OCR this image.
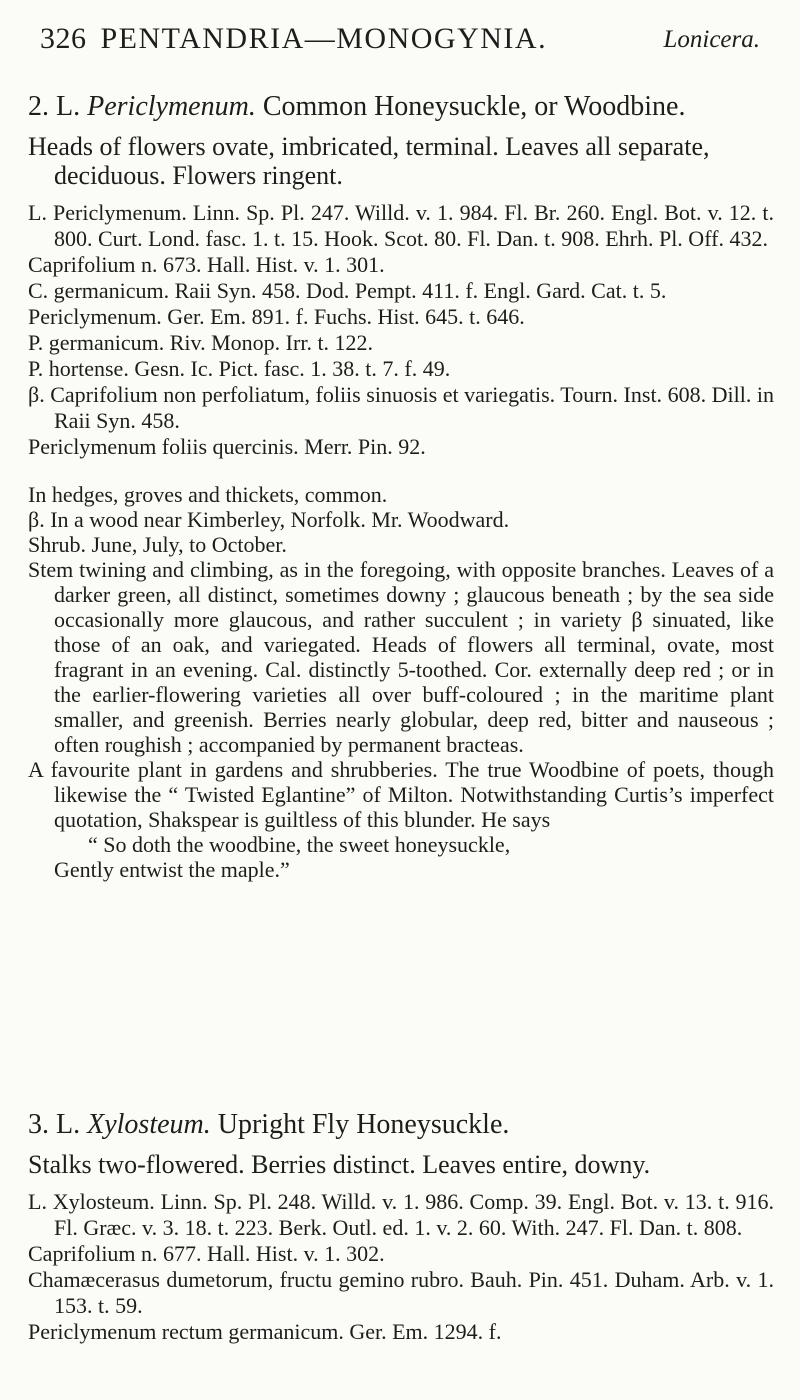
326 PENTANDRIA—MONOGYNIA.	Lonicera.

2. L. Periclymenum. Common Honeysuckle, or Woodbine.

Heads of flowers ovate, imbricated, terminal. Leaves all separate, deciduous. Flowers ringent.

L. Periclymenum. Linn. Sp. Pl. 247. Willd. v. 1. 984. Fl. Br. 260. Engl. Bot. v. 12. t. 800. Curt. Lond. fasc. 1. t. 15. Hook. Scot. 80. Fl. Dan. t. 908. Ehrh. Pl. Off. 432.

Caprifolium n. 673. Hall. Hist. v. 1. 301.

C. germanicum. Raii Syn. 458. Dod. Pempt. 411. f. Engl. Gard. Cat. t. 5.

Periclymenum. Ger. Em. 891. f. Fuchs. Hist. 645. t. 646.

P. germanicum. Riv. Monop. Irr. t. 122.

P. hortense. Gesn. Ic. Pict. fasc. 1. 38. t. 7. f. 49.

β. Caprifolium non perfoliatum, foliis sinuosis et variegatis. Tourn. Inst. 608. Dill. in Raii Syn. 458.

Periclymenum foliis quercinis. Merr. Pin. 92.

In hedges, groves and thickets, common.

β. In a wood near Kimberley, Norfolk. Mr. Woodward.

Shrub. June, July, to October.

Stem twining and climbing, as in the foregoing, with opposite branches. Leaves of a darker green, all distinct, sometimes downy ; glaucous beneath ; by the sea side occasionally more glaucous, and rather succulent ; in variety β sinuated, like those of an oak, and variegated. Heads of flowers all terminal, ovate, most fragrant in an evening. Cal. distinctly 5-toothed. Cor. externally deep red ; or in the earlier-flowering varieties all over buff-coloured ; in the maritime plant smaller, and greenish. Berries nearly globular, deep red, bitter and nauseous ; often roughish ; accompanied by permanent bracteas.

A favourite plant in gardens and shrubberies. The true Woodbine of poets, though likewise the “ Twisted Eglantine” of Milton. Notwithstanding Curtis’s imperfect quotation, Shakspear is guiltless of this blunder. He says

“ So doth the woodbine, the sweet honeysuckle,

Gently entwist the maple.”

3. L. Xylosteum. Upright Fly Honeysuckle.

Stalks two-flowered. Berries distinct. Leaves entire, downy.

L. Xylosteum. Linn. Sp. Pl. 248. Willd. v. 1. 986. Comp. 39. Engl. Bot. v. 13. t. 916. Fl. Græc. v. 3. 18. t. 223. Berk. Outl. ed. 1. v. 2. 60. With. 247. Fl. Dan. t. 808.

Caprifolium n. 677. Hall. Hist. v. 1. 302.

Chamæcerasus dumetorum, fructu gemino rubro. Bauh. Pin. 451. Duham. Arb. v. 1. 153. t. 59.

Periclymenum rectum germanicum. Ger. Em. 1294. f.
